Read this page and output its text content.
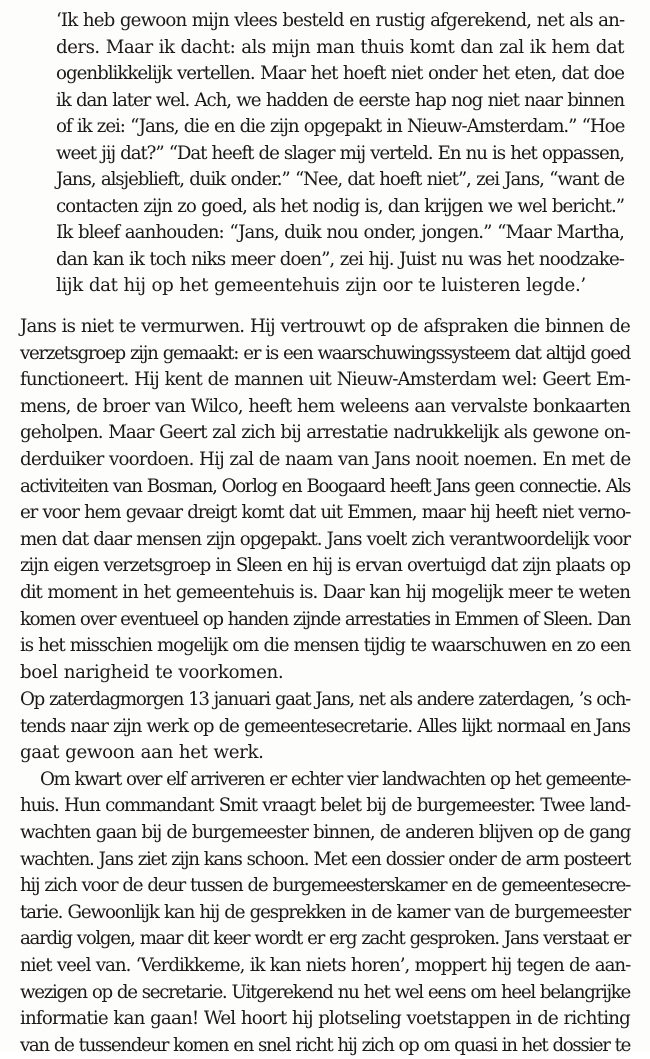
‘Ik heb gewoon mijn vlees besteld en rustig afgerekend, net als an-
ders. Maar ik dacht: als mijn man thuis komt dan zal ik hem dat
ogenblikkelijk vertellen. Maar het hoeft niet onder het eten, dat doe
ik dan later wel. Ach, we hadden de eerste hap nog niet naar binnen
of ik zei: “Jans, die en die zijn opgepakt in Nieuw-Amsterdam.” “Hoe
weet jij dat?” “Dat heeft de slager mij verteld. En nu is het oppassen,
Jans, alsjeblieft, duik onder.” “Nee, dat hoeft niet”, zei Jans, “want de
contacten zijn zo goed, als het nodig is, dan krijgen we wel bericht.”
Ik bleef aanhouden: “Jans, duik nou onder, jongen.” “Maar Martha,
dan kan ik toch niks meer doen”, zei hij. Juist nu was het noodzake-
lijk dat hij op het gemeentehuis zijn oor te luisteren legde.’
Jans is niet te vermurwen. Hij vertrouwt op de afspraken die binnen de
verzetsgroep zijn gemaakt: er is een waarschuwingssysteem dat altijd goed
functioneert. Hij kent de mannen uit Nieuw-Amsterdam wel: Geert Em-
mens, de broer van Wilco, heeft hem weleens aan vervalste bonkaarten
geholpen. Maar Geert zal zich bij arrestatie nadrukkelijk als gewone on-
derduiker voordoen. Hij zal de naam van Jans nooit noemen. En met de
activiteiten van Bosman, Oorlog en Boogaard heeft Jans geen connectie. Als
er voor hem gevaar dreigt komt dat uit Emmen, maar hij heeft niet verno-
men dat daar mensen zijn opgepakt. Jans voelt zich verantwoordelijk voor
zijn eigen verzetsgroep in Sleen en hij is ervan overtuigd dat zijn plaats op
dit moment in het gemeentehuis is. Daar kan hij mogelijk meer te weten
komen over eventueel op handen zijnde arrestaties in Emmen of Sleen. Dan
is het misschien mogelijk om die mensen tijdig te waarschuwen en zo een
boel narigheid te voorkomen.
Op zaterdagmorgen 13 januari gaat Jans, net als andere zaterdagen, ’s och-
tends naar zijn werk op de gemeentesecretarie. Alles lijkt normaal en Jans
gaat gewoon aan het werk.
Om kwart over elf arriveren er echter vier landwachten op het gemeente-
huis. Hun commandant Smit vraagt belet bij de burgemeester. Twee land-
wachten gaan bij de burgemeester binnen, de anderen blijven op de gang
wachten. Jans ziet zijn kans schoon. Met een dossier onder de arm posteert
hij zich voor de deur tussen de burgemeesterskamer en de gemeentesecre-
tarie. Gewoonlijk kan hij de gesprekken in de kamer van de burgemeester
aardig volgen, maar dit keer wordt er erg zacht gesproken. Jans verstaat er
niet veel van. ‘Verdikkeme, ik kan niets horen’, moppert hij tegen de aan-
wezigen op de secretarie. Uitgerekend nu het wel eens om heel belangrijke
informatie kan gaan! Wel hoort hij plotseling voetstappen in de richting
van de tussendeur komen en snel richt hij zich op om quasi in het dossier te
